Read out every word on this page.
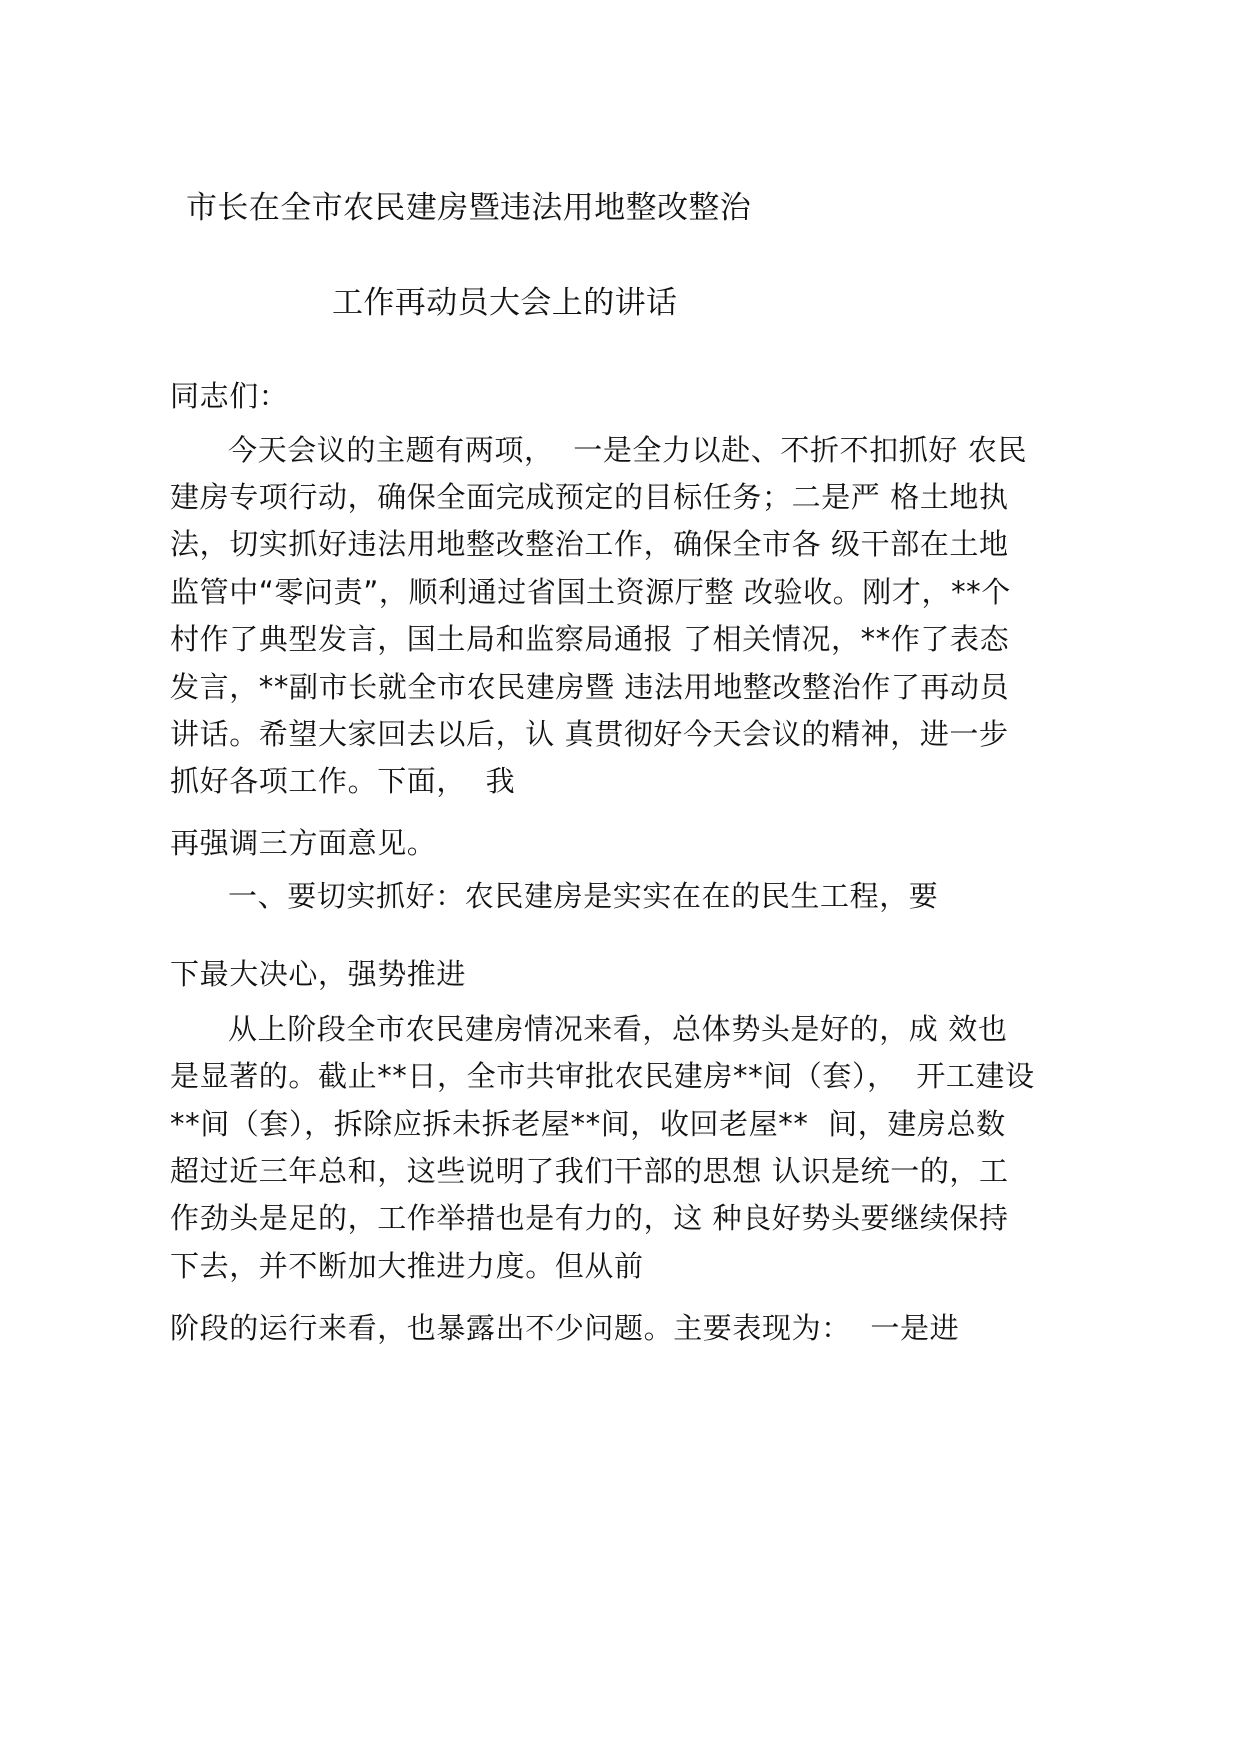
市长在全市农民建房暨违法用地整改整治

工作再动员大会上的讲话

同志们：

今天会议的主题有两项，  一是全力以赴、不折不扣抓好 农民

建房专项行动，确保全面完成预定的目标任务；二是严 格土地执

法，切实抓好违法用地整改整治工作，确保全市各 级干部在土地

监管中“零问责”，顺利通过省国土资源厅整 改验收。刚才，**个

村作了典型发言，国土局和监察局通报 了相关情况，**作了表态

发言，**副市长就全市农民建房暨 违法用地整改整治作了再动员

讲话。希望大家回去以后，认 真贯彻好今天会议的精神，进一步

抓好各项工作。下面，  我

再强调三方面意见。

一、要切实抓好：农民建房是实实在在的民生工程，要

下最大决心，强势推进

从上阶段全市农民建房情况来看，总体势头是好的，成 效也

是显著的。截止**日，全市共审批农民建房**间（套），  开工建设

**间（套），拆除应拆未拆老屋**间，收回老屋**  间，建房总数

超过近三年总和，这些说明了我们干部的思想 认识是统一的，工

作劲头是足的，工作举措也是有力的，这 种良好势头要继续保持

下去，并不断加大推进力度。但从前

阶段的运行来看，也暴露出不少问题。主要表现为：  一是进
